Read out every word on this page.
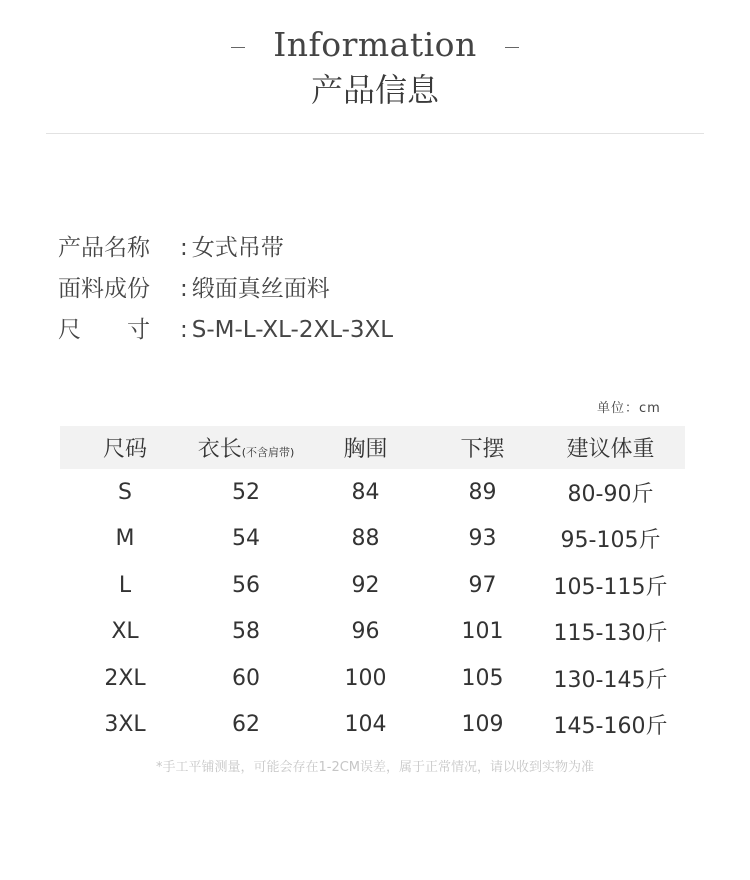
Information
产品信息
产品名称 : 女式吊带
面料成份 : 缎面真丝面料
尺　　寸 : S-M-L-XL-2XL-3XL
单位：cm
尺码	衣长(不含肩带)	胸围	下摆	建议体重
S	52	84	89	80-90斤
M	54	88	93	95-105斤
L	56	92	97	105-115斤
XL	58	96	101	115-130斤
2XL	60	100	105	130-145斤
3XL	62	104	109	145-160斤
*手工平铺测量，可能会存在1-2CM误差，属于正常情况，请以收到实物为准
